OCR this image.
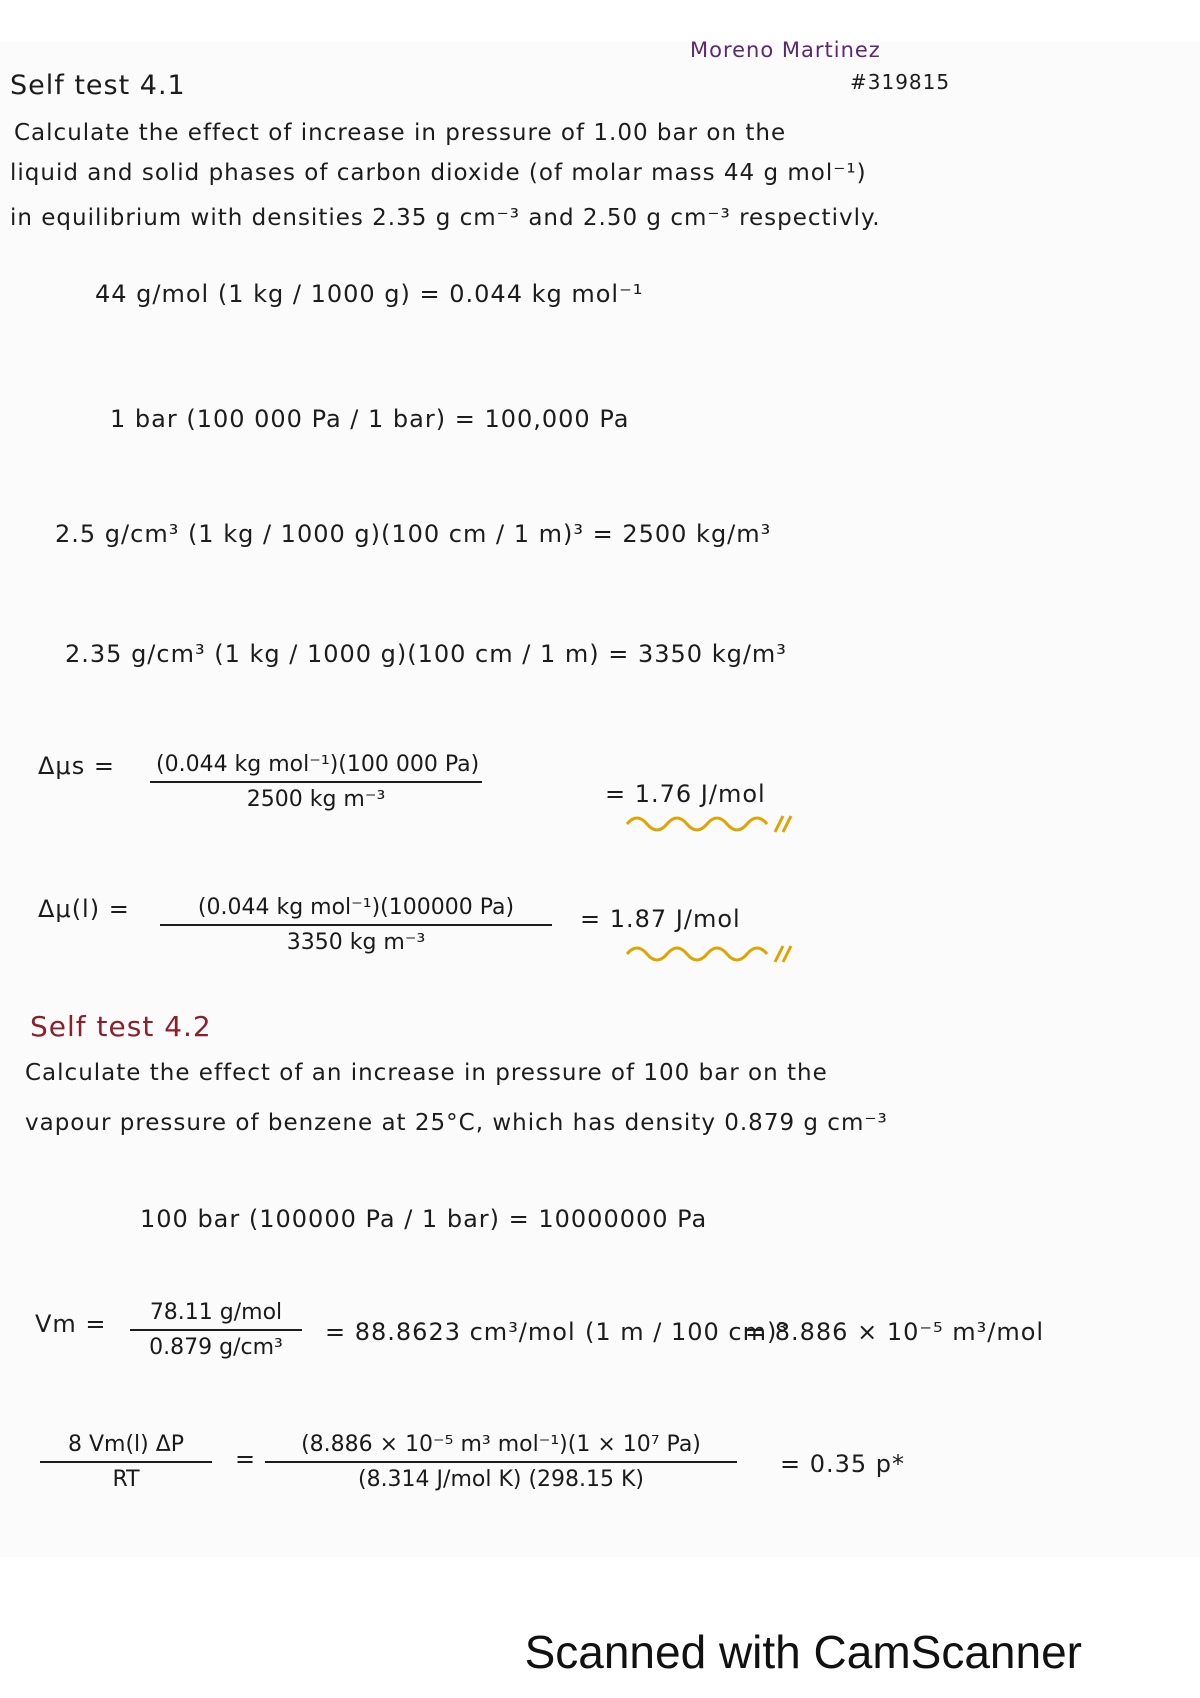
Moreno Martinez
#319815
Self test 4.1
Calculate the effect of increase in pressure of 1.00 bar on the
liquid and solid phases of carbon dioxide (of molar mass 44 g mol⁻¹)
in equilibrium with densities 2.35 g cm⁻³ and 2.50 g cm⁻³ respectivly.
44 g/mol (1 kg / 1000 g) = 0.044 kg mol⁻¹
1 bar (100 000 Pa / 1 bar) = 100,000 Pa
2.5 g/cm³ (1 kg / 1000 g)(100 cm / 1 m)³ = 2500 kg/m³
2.35 g/cm³ (1 kg / 1000 g)(100 cm / 1 m) = 3350 kg/m³
Δμs = (0.044 kg mol⁻¹)(100 000 Pa)
2500 kg m⁻³	= 1.76 J/mol
Δμ(l) =	(0.044 kg mol⁻¹)(100000 Pa)
3350 kg m⁻³
= 1.87 J/mol
Self test 4.2
Calculate the effect of an increase in pressure of 100 bar on the
vapour pressure of benzene at 25°C, which has density 0.879 g cm⁻³
100 bar (100000 Pa / 1 bar) = 10000000 Pa
Vm =	78.11 g/mol
0.879 g/cm³
= 88.8623 cm³/mol (1 m / 100 cm)³
= 8.886 × 10⁻⁵ m³/mol
$\frac{8 Vm(l) \Delta P}{RT}$ =
(8.886 × 10⁻⁵ m³ mol⁻¹)(1 × 10⁷ Pa)
(8.314 J/mol K) (298.15 K)
= 0.35 p*
Scanned with CamScanner
